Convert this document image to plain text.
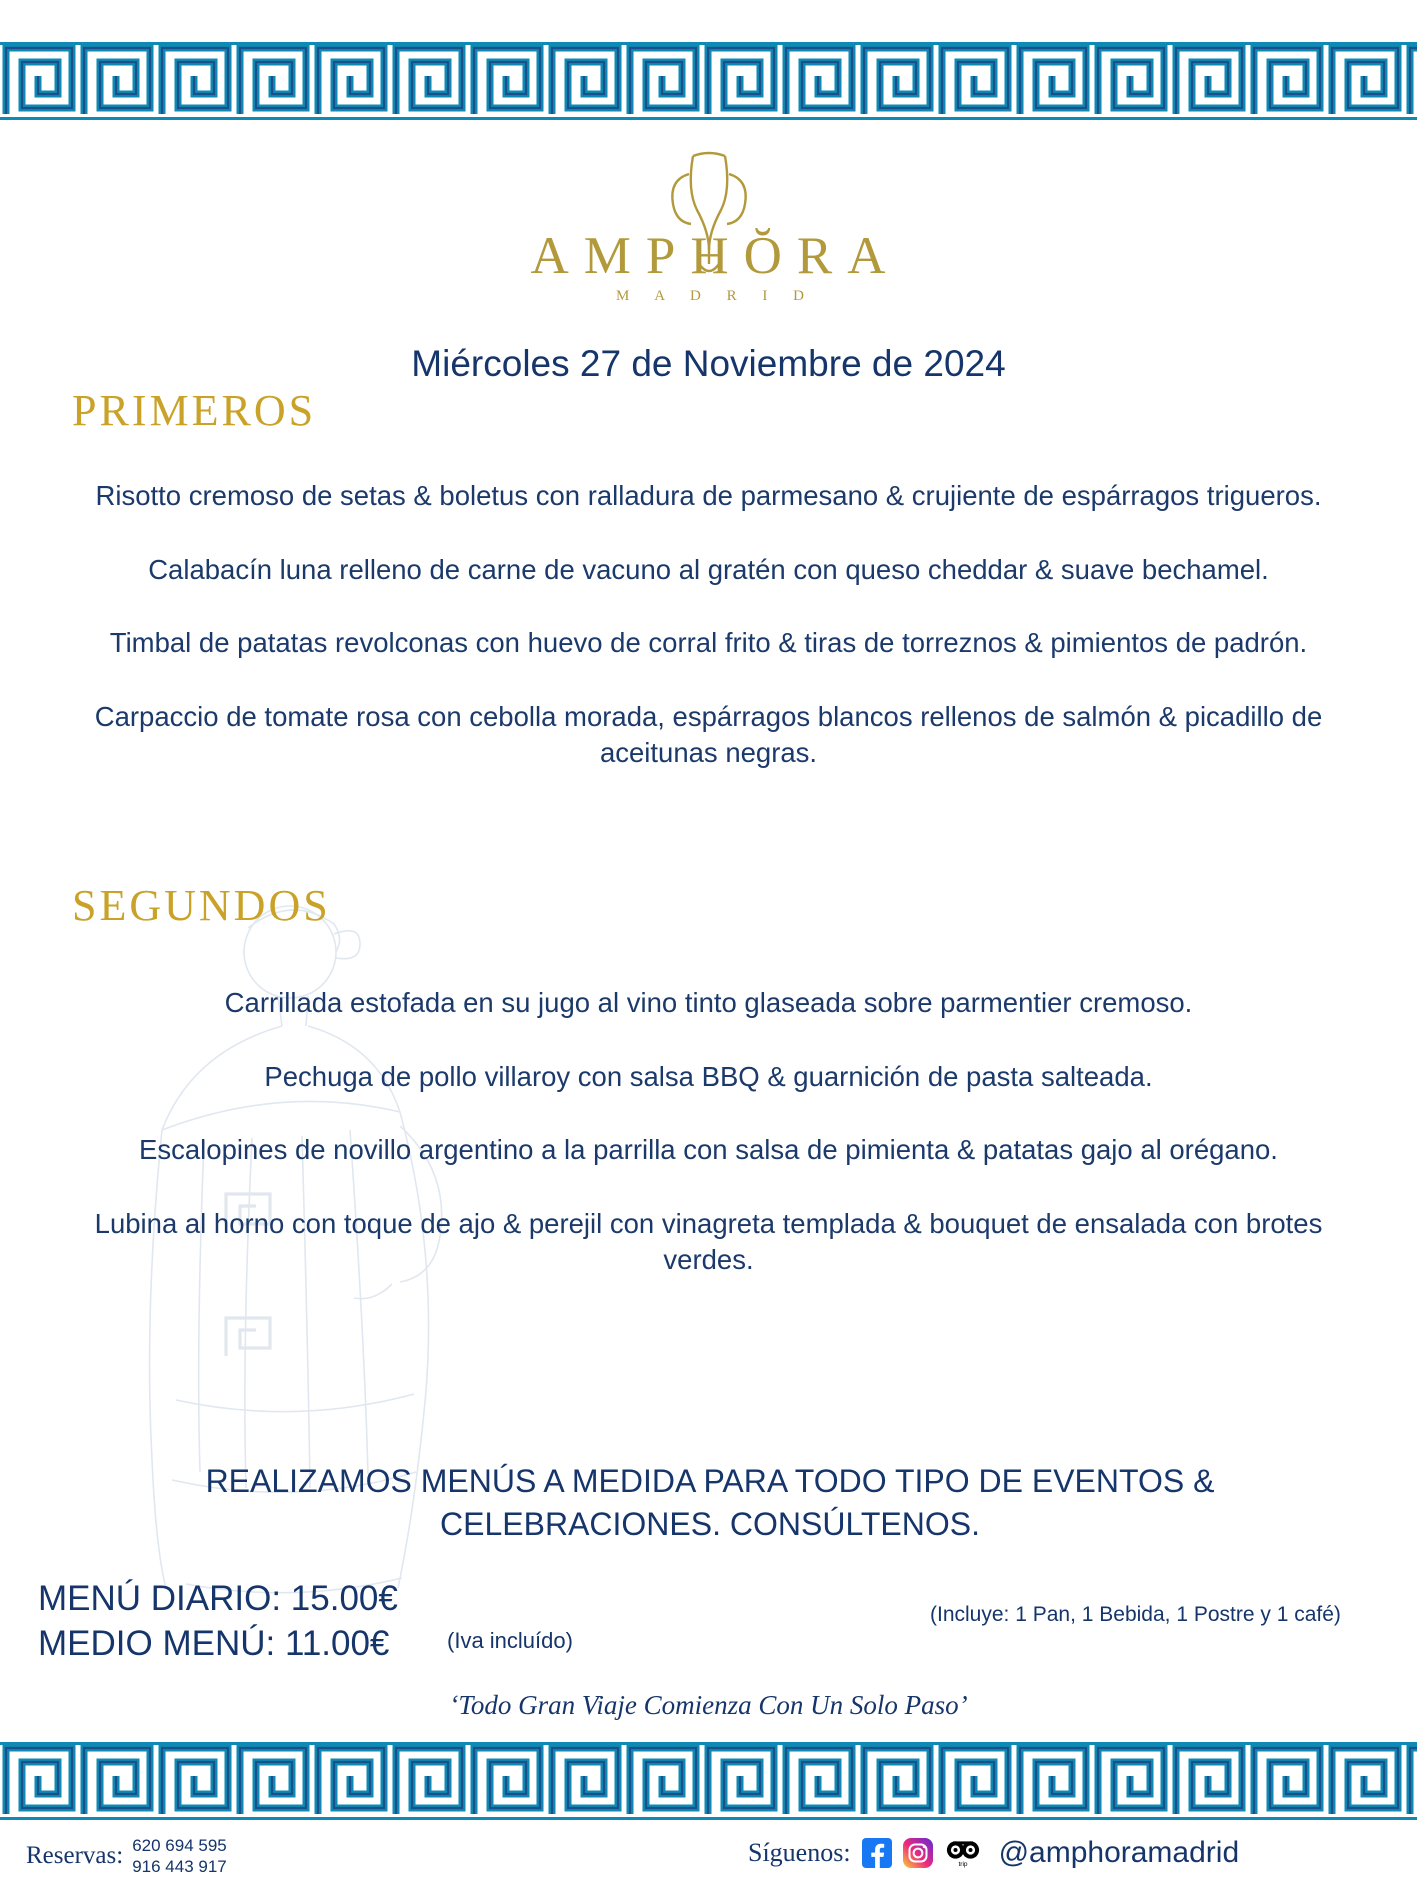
AMPHŎRA
M A D R I D
Miércoles 27 de Noviembre de 2024
PRIMEROS
Risotto cremoso de setas & boletus con ralladura de parmesano & crujiente de espárragos trigueros.
Calabacín luna relleno de carne de vacuno al gratén con queso cheddar & suave bechamel.
Timbal de patatas revolconas con huevo de corral frito & tiras de torreznos & pimientos de padrón.
Carpaccio de tomate rosa con cebolla morada, espárragos blancos rellenos de salmón & picadillo de aceitunas negras.
SEGUNDOS
Carrillada estofada en su jugo al vino tinto glaseada sobre parmentier cremoso.
Pechuga de pollo villaroy con salsa BBQ & guarnición de pasta salteada.
Escalopines de novillo argentino a la parrilla con salsa de pimienta & patatas gajo al orégano.
Lubina al horno con toque de ajo & perejil con vinagreta templada & bouquet de ensalada con brotes verdes.
REALIZAMOS MENÚS A MEDIDA PARA TODO TIPO DE EVENTOS & CELEBRACIONES. CONSÚLTENOS.
MENÚ DIARIO: 15.00€
MEDIO MENÚ: 11.00€	(Iva incluído)
(Incluye: 1 Pan, 1 Bebida, 1 Postre y 1 café)
‘Todo Gran Viaje Comienza Con Un Solo Paso’
Reservas: 620 694 595
916 443 917	Síguenos:	trip @amphoramadrid
